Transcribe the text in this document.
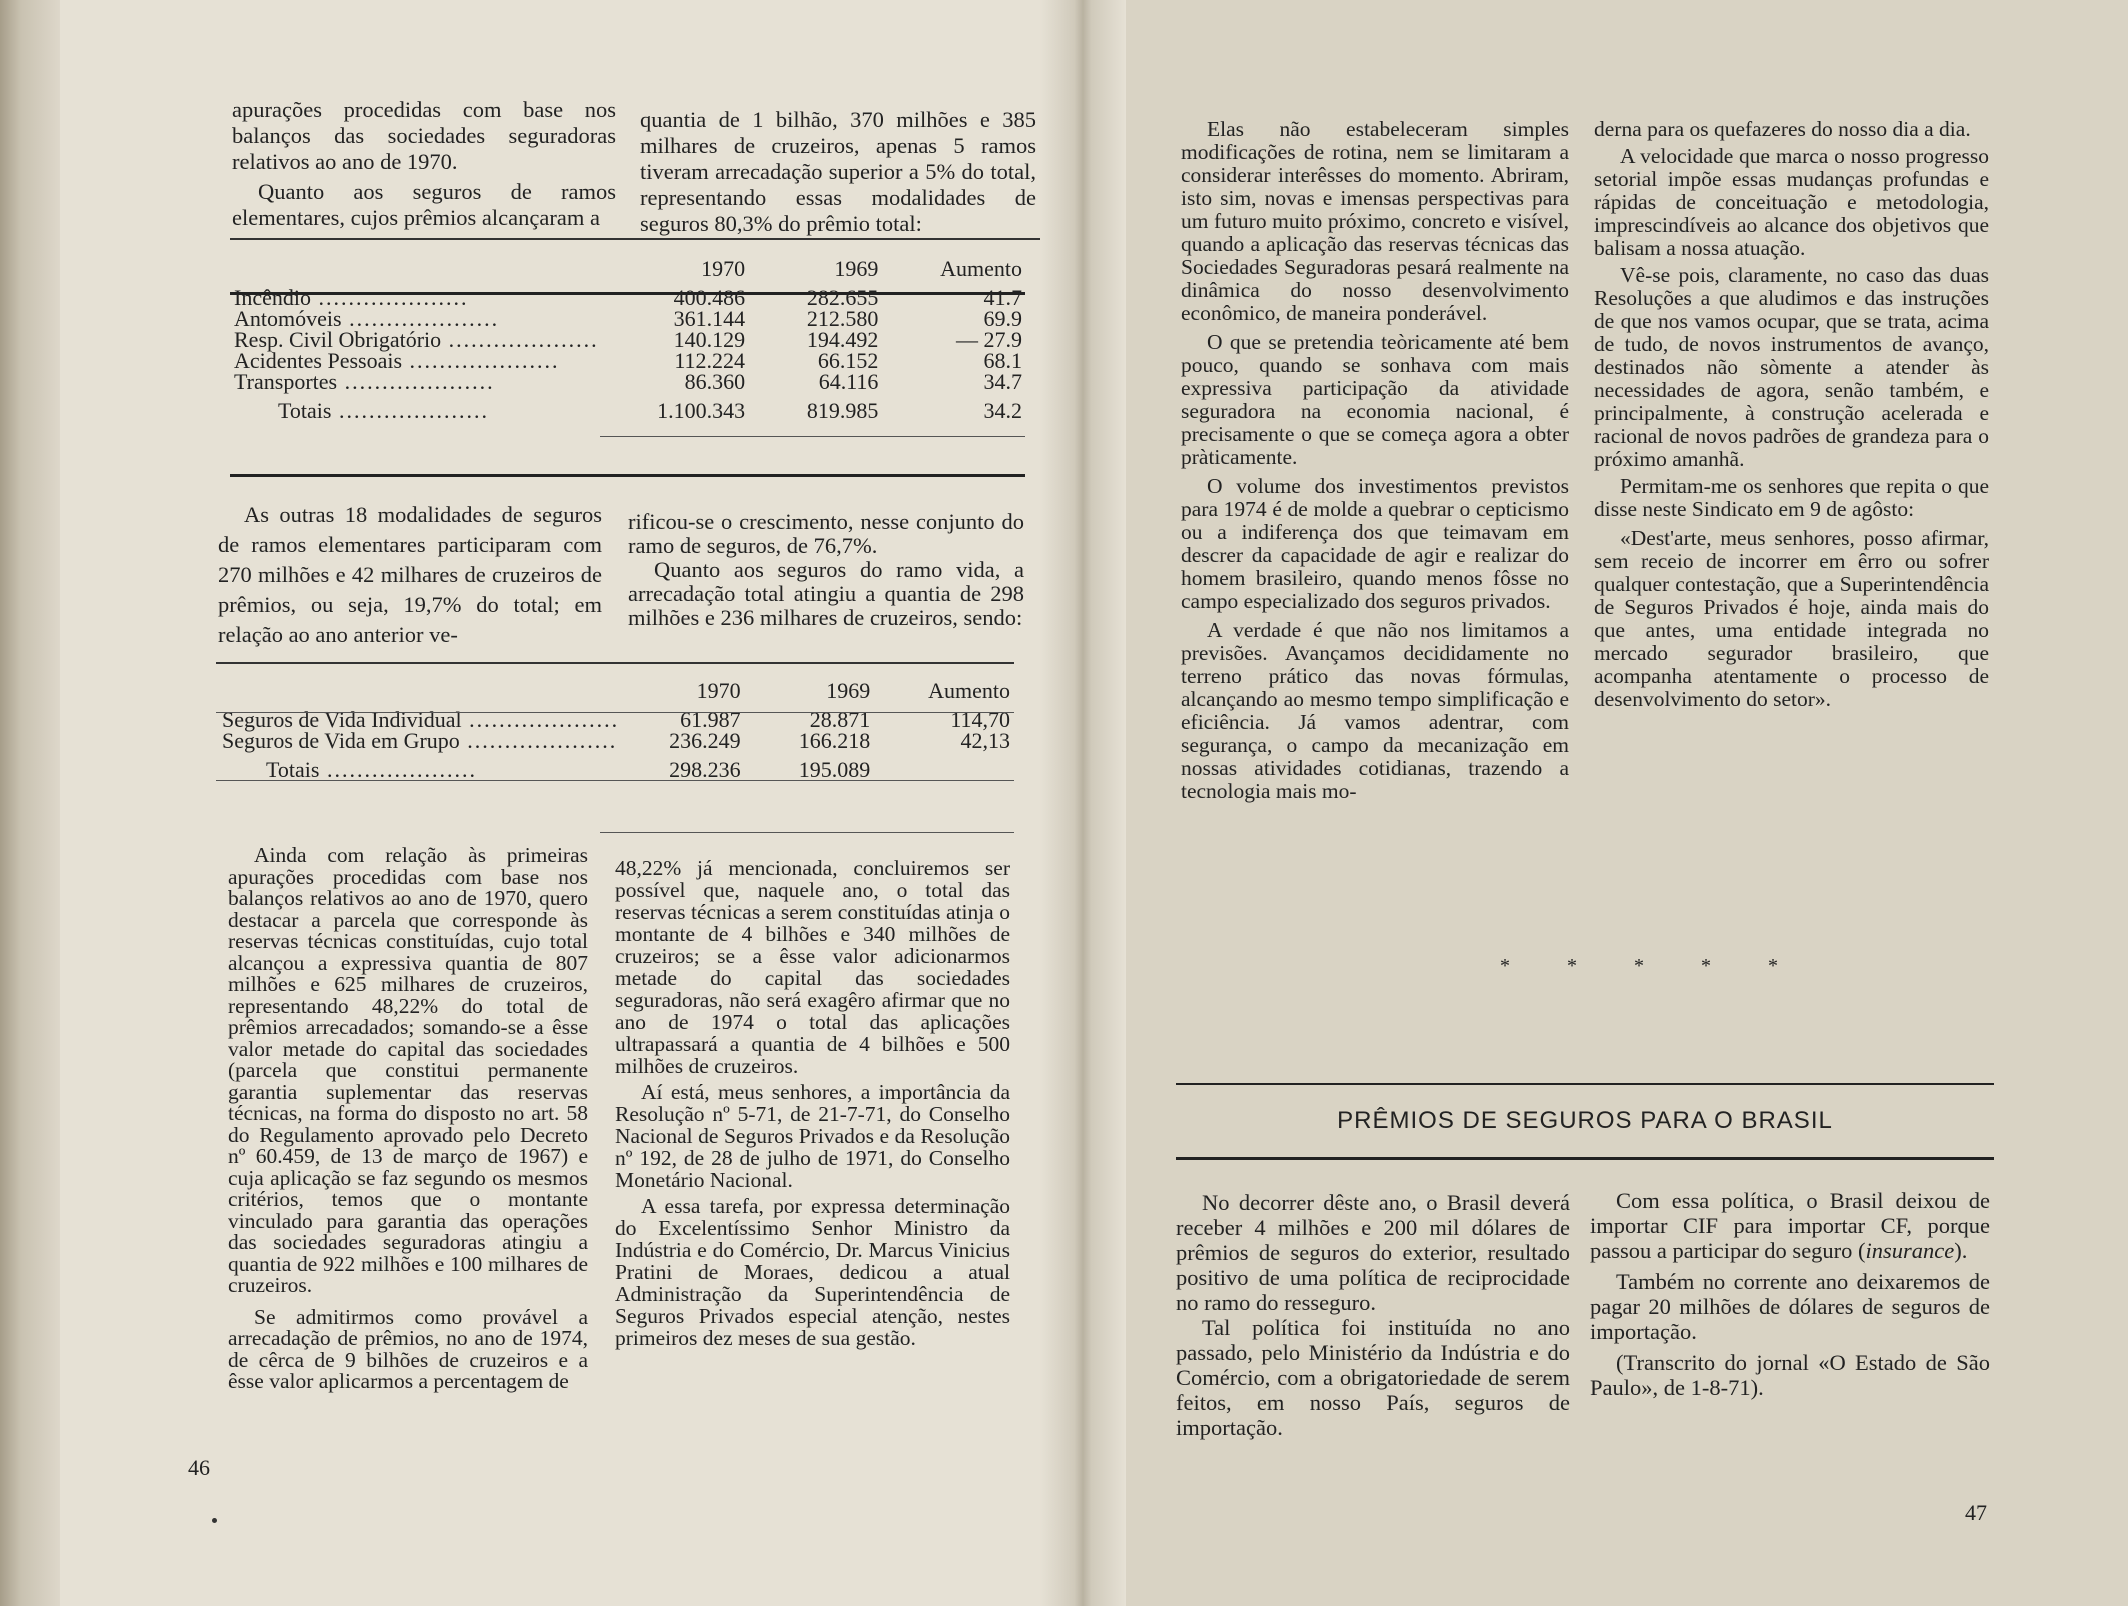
apurações procedidas com base nos balanços das sociedades seguradoras relativos ao ano de 1970.

Quanto aos seguros de ramos elementares, cujos prêmios alcançaram a

quantia de 1 bilhão, 370 milhões e 385 milhares de cruzeiros, apenas 5 ramos tiveram arrecadação superior a 5% do total, representando essas modalidades de seguros 80,3% do prêmio total:

	1970	1969	Aumento
Incêndio .....	400.486	282.655	41.7
Antomóveis .....	361.144	212.580	69.9
Resp. Civil Obrigatório .....	140.129	194.492	— 27.9
Acidentes Pessoais .....	112.224	66.152	68.1
Transportes .....	86.360	64.116	34.7
Totais .....	1.100.343	819.985	34.2

As outras 18 modalidades de seguros de ramos elementares participaram com 270 milhões e 42 milhares de cruzeiros de prêmios, ou seja, 19,7% do total; em relação ao ano anterior ve-

rificou-se o crescimento, nesse conjunto do ramo de seguros, de 76,7%.

Quanto aos seguros do ramo vida, a arrecadação total atingiu a quantia de 298 milhões e 236 milhares de cruzeiros, sendo:

	1970	1969	Aumento
Seguros de Vida Individual .....	61.987	28.871	114,70
Seguros de Vida em Grupo .....	236.249	166.218	42,13
Totais .....	298.236	195.089	

Ainda com relação às primeiras apurações procedidas com base nos balanços relativos ao ano de 1970, quero destacar a parcela que corresponde às reservas técnicas constituídas, cujo total alcançou a expressiva quantia de 807 milhões e 625 milhares de cruzeiros, representando 48,22% do total de prêmios arrecadados; somando-se a êsse valor metade do capital das sociedades (parcela que constitui permanente garantia suplementar das reservas técnicas, na forma do disposto no art. 58 do Regulamento aprovado pelo Decreto nº 60.459, de 13 de março de 1967) e cuja aplicação se faz segundo os mesmos critérios, temos que o montante vinculado para garantia das operações das sociedades seguradoras atingiu a quantia de 922 milhões e 100 milhares de cruzeiros.

Se admitirmos como provável a arrecadação de prêmios, no ano de 1974, de cêrca de 9 bilhões de cruzeiros e a êsse valor aplicarmos a percentagem de

48,22% já mencionada, concluiremos ser possível que, naquele ano, o total das reservas técnicas a serem constituídas atinja o montante de 4 bilhões e 340 milhões de cruzeiros; se a êsse valor adicionarmos metade do capital das sociedades seguradoras, não será exagêro afirmar que no ano de 1974 o total das aplicações ultrapassará a quantia de 4 bilhões e 500 milhões de cruzeiros.

Aí está, meus senhores, a importância da Resolução nº 5-71, de 21-7-71, do Conselho Nacional de Seguros Privados e da Resolução nº 192, de 28 de julho de 1971, do Conselho Monetário Nacional.

A essa tarefa, por expressa determinação do Excelentíssimo Senhor Ministro da Indústria e do Comércio, Dr. Marcus Vinicius Pratini de Moraes, dedicou a atual Administração da Superintendência de Seguros Privados especial atenção, nestes primeiros dez meses de sua gestão.

46

Elas não estabeleceram simples modificações de rotina, nem se limitaram a considerar interêsses do momento. Abriram, isto sim, novas e imensas perspectivas para um futuro muito próximo, concreto e visível, quando a aplicação das reservas técnicas das Sociedades Seguradoras pesará realmente na dinâmica do nosso desenvolvimento econômico, de maneira ponderável.

O que se pretendia teòricamente até bem pouco, quando se sonhava com mais expressiva participação da atividade seguradora na economia nacional, é precisamente o que se começa agora a obter pràticamente.

O volume dos investimentos previstos para 1974 é de molde a quebrar o cepticismo ou a indiferença dos que teimavam em descrer da capacidade de agir e realizar do homem brasileiro, quando menos fôsse no campo especializado dos seguros privados.

A verdade é que não nos limitamos a previsões. Avançamos decididamente no terreno prático das novas fórmulas, alcançando ao mesmo tempo simplificação e eficiência. Já vamos adentrar, com segurança, o campo da mecanização em nossas atividades cotidianas, trazendo a tecnologia mais mo-

derna para os quefazeres do nosso dia a dia.

A velocidade que marca o nosso progresso setorial impõe essas mudanças profundas e rápidas de conceituação e metodologia, imprescindíveis ao alcance dos objetivos que balisam a nossa atuação.

Vê-se pois, claramente, no caso das duas Resoluções a que aludimos e das instruções de que nos vamos ocupar, que se trata, acima de tudo, de novos instrumentos de avanço, destinados não sòmente a atender às necessidades de agora, senão também, e principalmente, à construção acelerada e racional de novos padrões de grandeza para o próximo amanhã.

Permitam-me os senhores que repita o que disse neste Sindicato em 9 de agôsto:

«Dest'arte, meus senhores, posso afirmar, sem receio de incorrer em êrro ou sofrer qualquer contestação, que a Superintendência de Seguros Privados é hoje, ainda mais do que antes, uma entidade integrada no mercado segurador brasileiro, que acompanha atentamente o processo de desenvolvimento do setor».

* * * * *
PRÊMIOS DE SEGUROS PARA O BRASIL

No decorrer dêste ano, o Brasil deverá receber 4 milhões e 200 mil dólares de prêmios de seguros do exterior, resultado positivo de uma política de reciprocidade no ramo do resseguro.

Tal política foi instituída no ano passado, pelo Ministério da Indústria e do Comércio, com a obrigatoriedade de serem feitos, em nosso País, seguros de importação.

Com essa política, o Brasil deixou de importar CIF para importar CF, porque passou a participar do seguro (insurance).

Também no corrente ano deixaremos de pagar 20 milhões de dólares de seguros de importação.

(Transcrito do jornal «O Estado de São Paulo», de 1-8-71).

47
